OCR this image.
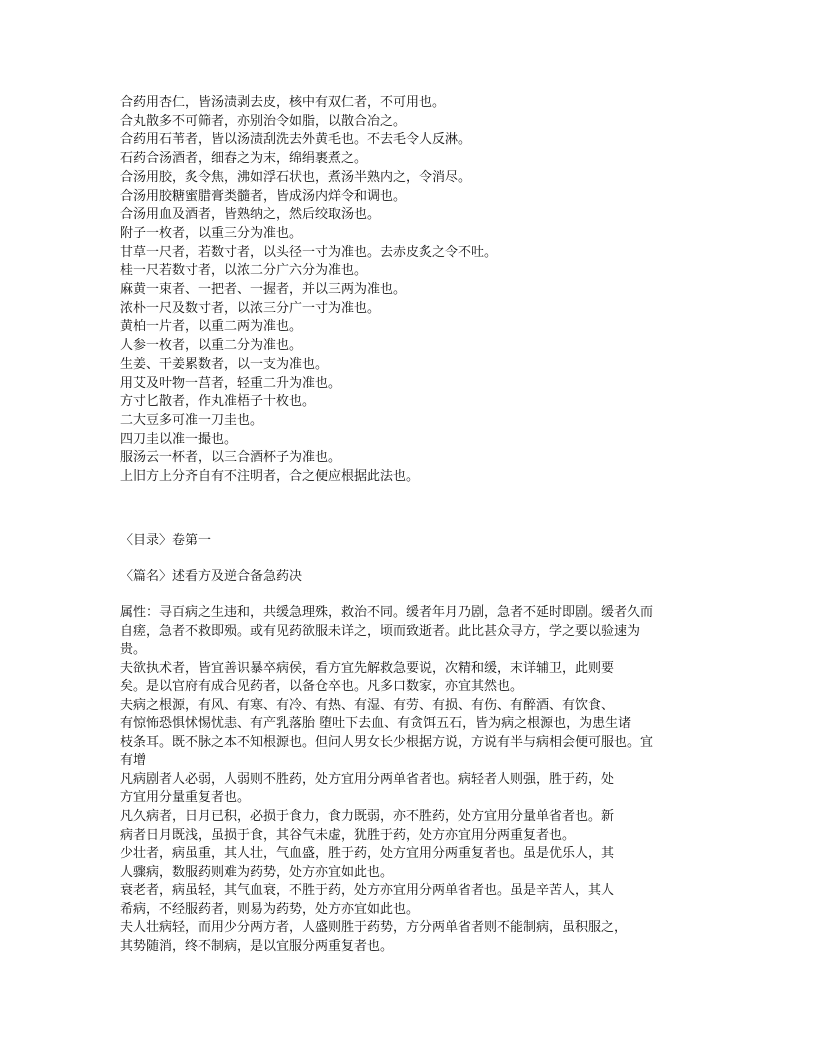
合药用杏仁，皆汤渍剥去皮，核中有双仁者，不可用也。
合丸散多不可筛者，亦别治令如脂，以散合冶之。
合药用石苇者，皆以汤渍刮洗去外黄毛也。不去毛令人反淋。
石药合汤酒者，细舂之为末，绵绢裹煮之。
合汤用胶，炙令焦，沸如浮石状也，煮汤半熟内之，令消尽。
合汤用胶糖蜜腊膏类髓者，皆成汤内烊令和调也。
合汤用血及酒者，皆熟纳之，然后绞取汤也。
附子一枚者，以重三分为准也。
甘草一尺者，若数寸者，以头径一寸为准也。去赤皮炙之令不吐。
桂一尺若数寸者，以浓二分广六分为准也。
麻黄一束者、一把者、一握者，并以三两为准也。
浓朴一尺及数寸者，以浓三分广一寸为准也。
黄柏一片者，以重二两为准也。
人参一枚者，以重二分为准也。
生姜、干姜累数者，以一支为准也。
用艾及叶物一莒者，轻重二升为准也。
方寸匕散者，作丸准梧子十枚也。
二大豆多可准一刀圭也。
四刀圭以准一撮也。
服汤云一杯者，以三合酒杯子为准也。
上旧方上分齐自有不注明者，合之便应根据此法也。
〈目录〉卷第一
〈篇名〉述看方及逆合备急药决
属性：寻百病之生违和，共缓急理殊，救治不同。缓者年月乃剧，急者不延时即剧。缓者久而
自瘥，急者不救即殒。或有见药欲服未详之，顷而致逝者。此比甚众寻方，学之要以验速为
贵。
夫欲执术者，皆宜善识暴卒病侯，看方宜先解救急要说，次精和缓，末详辅卫，此则要
矣。是以官府有成合见药者，以备仓卒也。凡多口数家，亦宜其然也。
夫病之根源，有风、有寒、有冷、有热、有湿、有劳、有损、有伤、有醉酒、有饮食、
有惊怖恐惧怵惕忧恚、有产乳落胎 堕吐下去血、有贪饵五石，皆为病之根源也，为患生诸
枝条耳。既不脉之本不知根源也。但问人男女长少根据方说，方说有半与病相会便可服也。宜
有增
凡病剧者人必弱，人弱则不胜药，处方宜用分两单省者也。病轻者人则强，胜于药，处
方宜用分量重复者也。
凡久病者，日月已积，必损于食力，食力既弱，亦不胜药，处方宜用分量单省者也。新
病者日月既浅，虽损于食，其谷气未虚，犹胜于药，处方亦宜用分两重复者也。
少壮者，病虽重，其人壮，气血盛，胜于药，处方宜用分两重复者也。虽是优乐人，其
人骤病，数服药则难为药势，处方亦宜如此也。
衰老者，病虽轻，其气血衰，不胜于药，处方亦宜用分两单省者也。虽是辛苦人，其人
希病，不经服药者，则易为药势，处方亦宜如此也。
夫人壮病轻，而用少分两方者，人盛则胜于药势，方分两单省者则不能制病，虽积服之，
其势随消，终不制病，是以宜服分两重复者也。
